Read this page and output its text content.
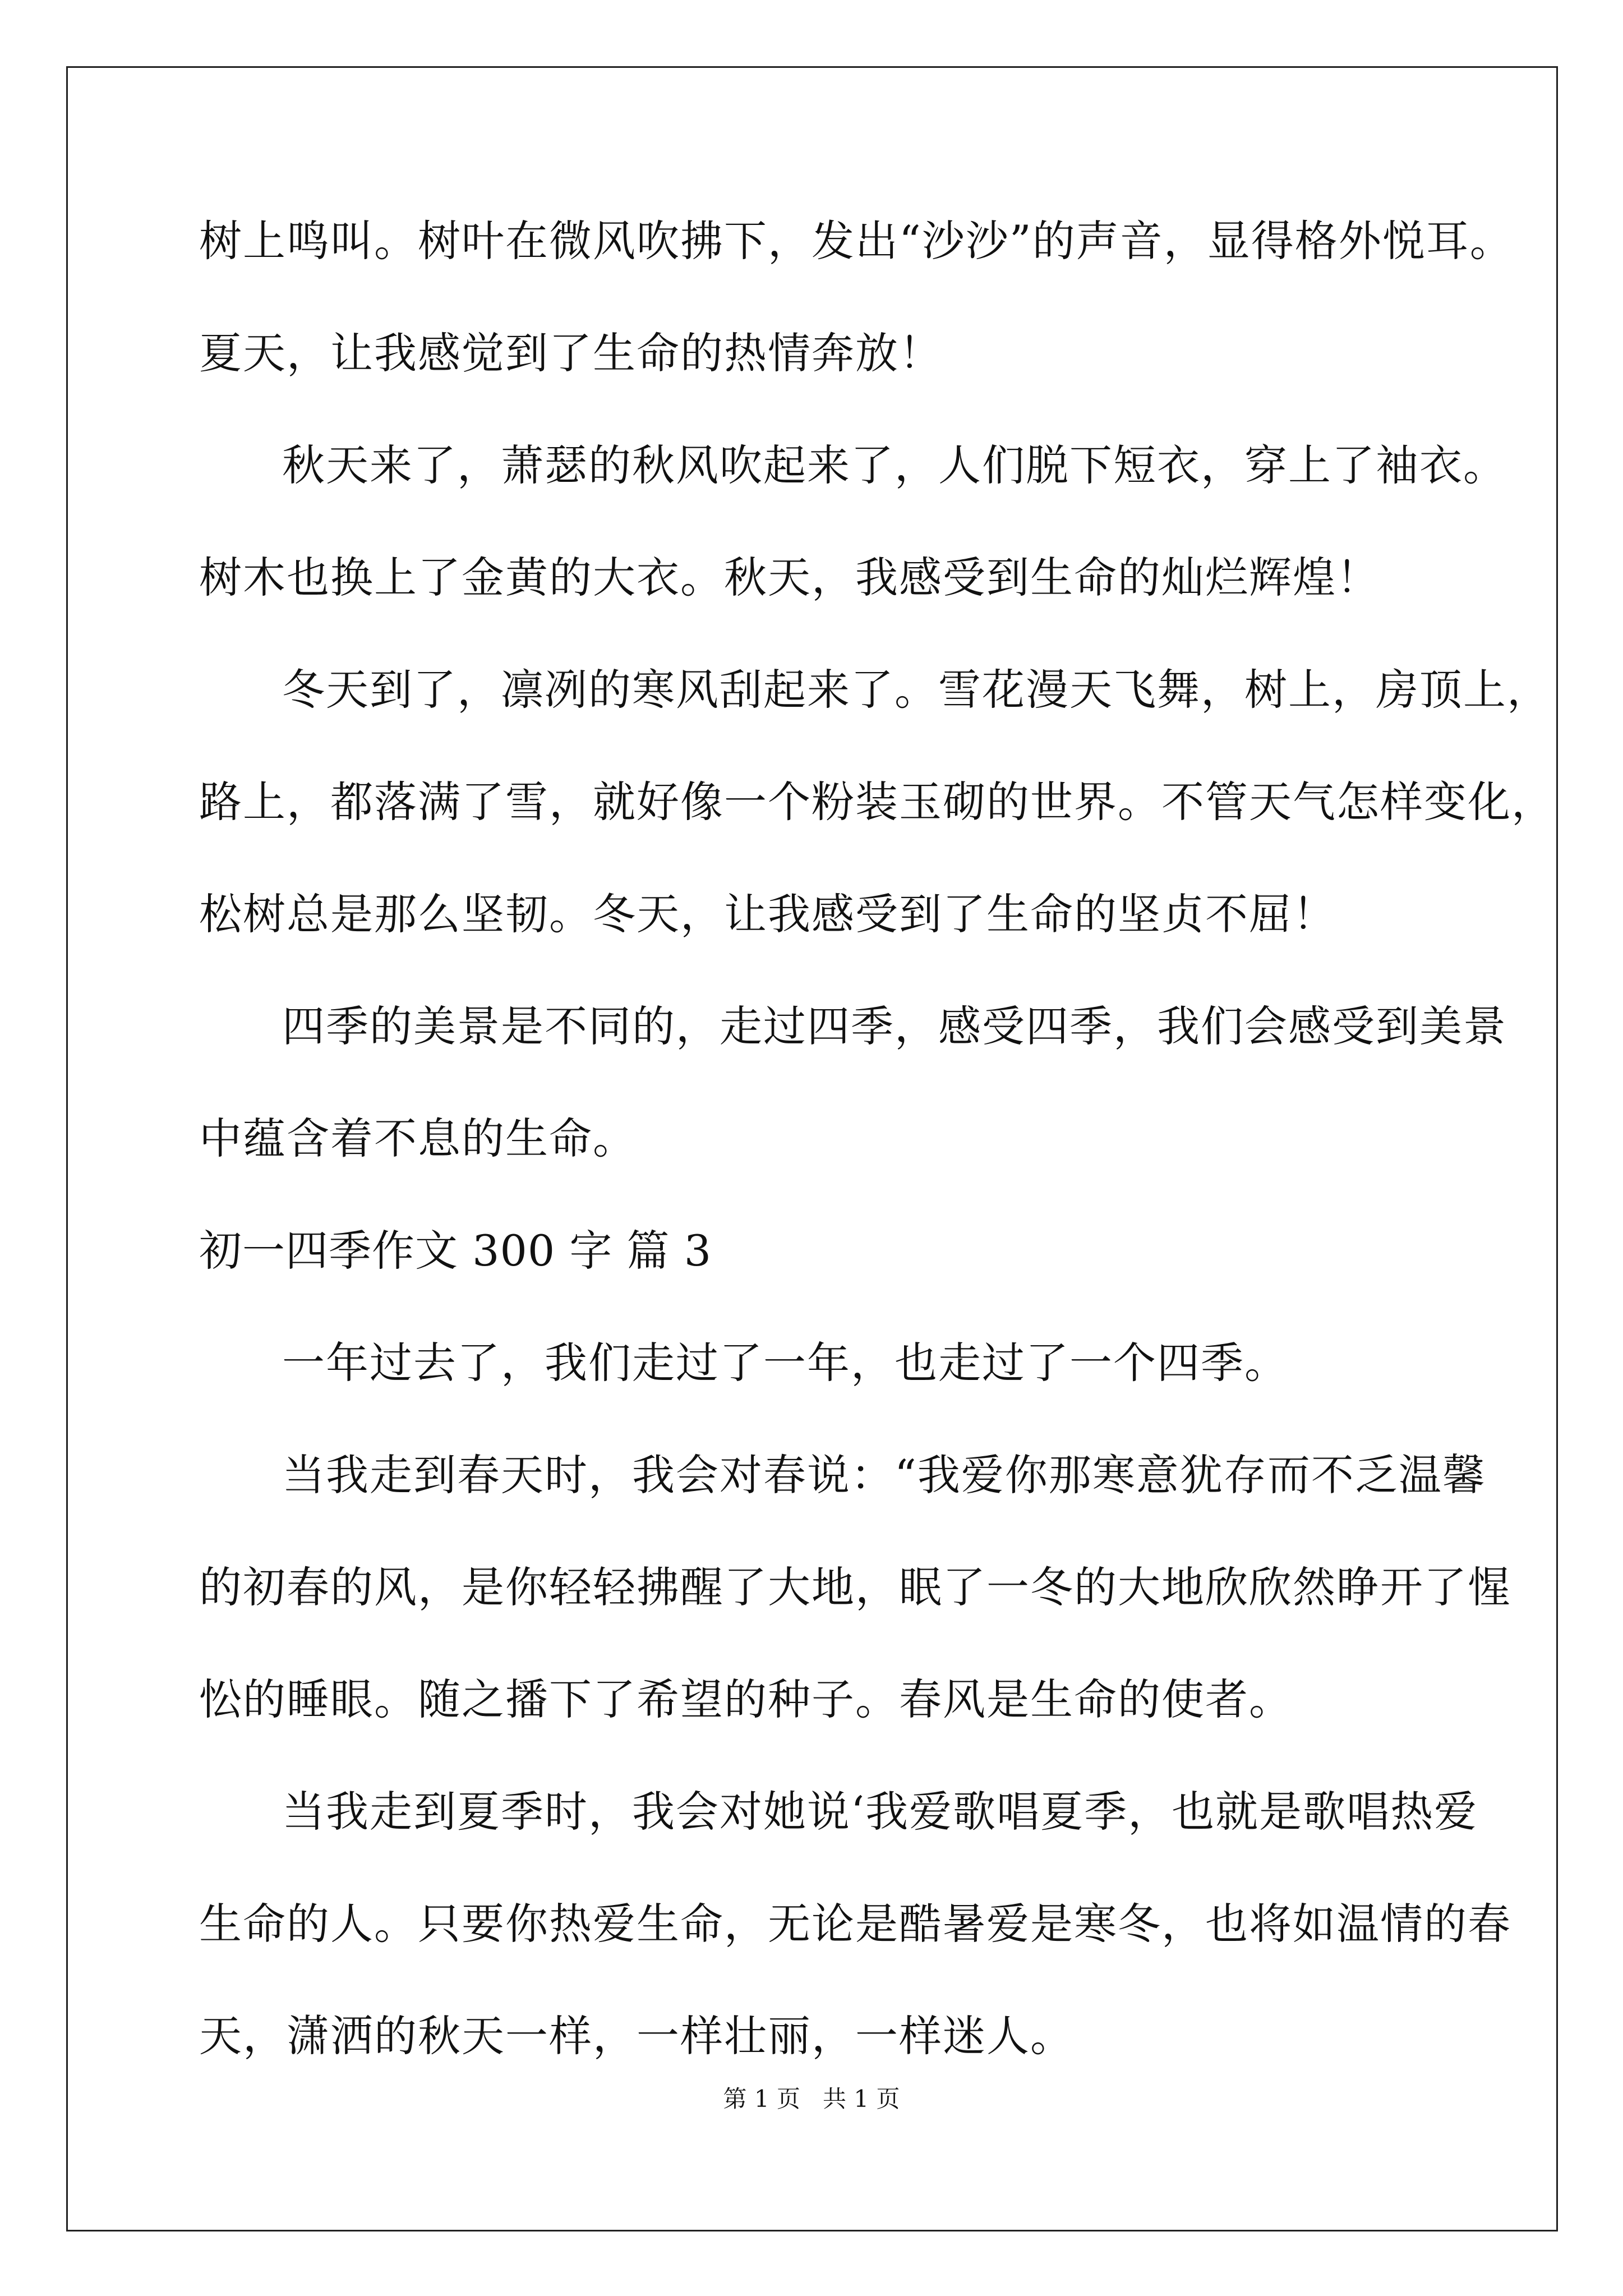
树上鸣叫。树叶在微风吹拂下，发出“沙沙”的声音，显得格外悦耳。
夏天，让我感觉到了生命的热情奔放！
秋天来了，萧瑟的秋风吹起来了，人们脱下短衣，穿上了袖衣。
树木也换上了金黄的大衣。秋天，我感受到生命的灿烂辉煌！
冬天到了，凛冽的寒风刮起来了。雪花漫天飞舞，树上，房顶上，
路上，都落满了雪，就好像一个粉装玉砌的世界。不管天气怎样变化，
松树总是那么坚韧。冬天，让我感受到了生命的坚贞不屈！
四季的美景是不同的，走过四季，感受四季，我们会感受到美景
中蕴含着不息的生命。
初一四季作文 300 字 篇 3
一年过去了，我们走过了一年，也走过了一个四季。
当我走到春天时，我会对春说：“我爱你那寒意犹存而不乏温馨
的初春的风，是你轻轻拂醒了大地，眠了一冬的大地欣欣然睁开了惺
忪的睡眼。随之播下了希望的种子。春风是生命的使者。
当我走到夏季时，我会对她说‘我爱歌唱夏季，也就是歌唱热爱
生命的人。只要你热爱生命，无论是酷暑爱是寒冬，也将如温情的春
天，潇洒的秋天一样，一样壮丽，一样迷人。
第 1 页   共 1 页
